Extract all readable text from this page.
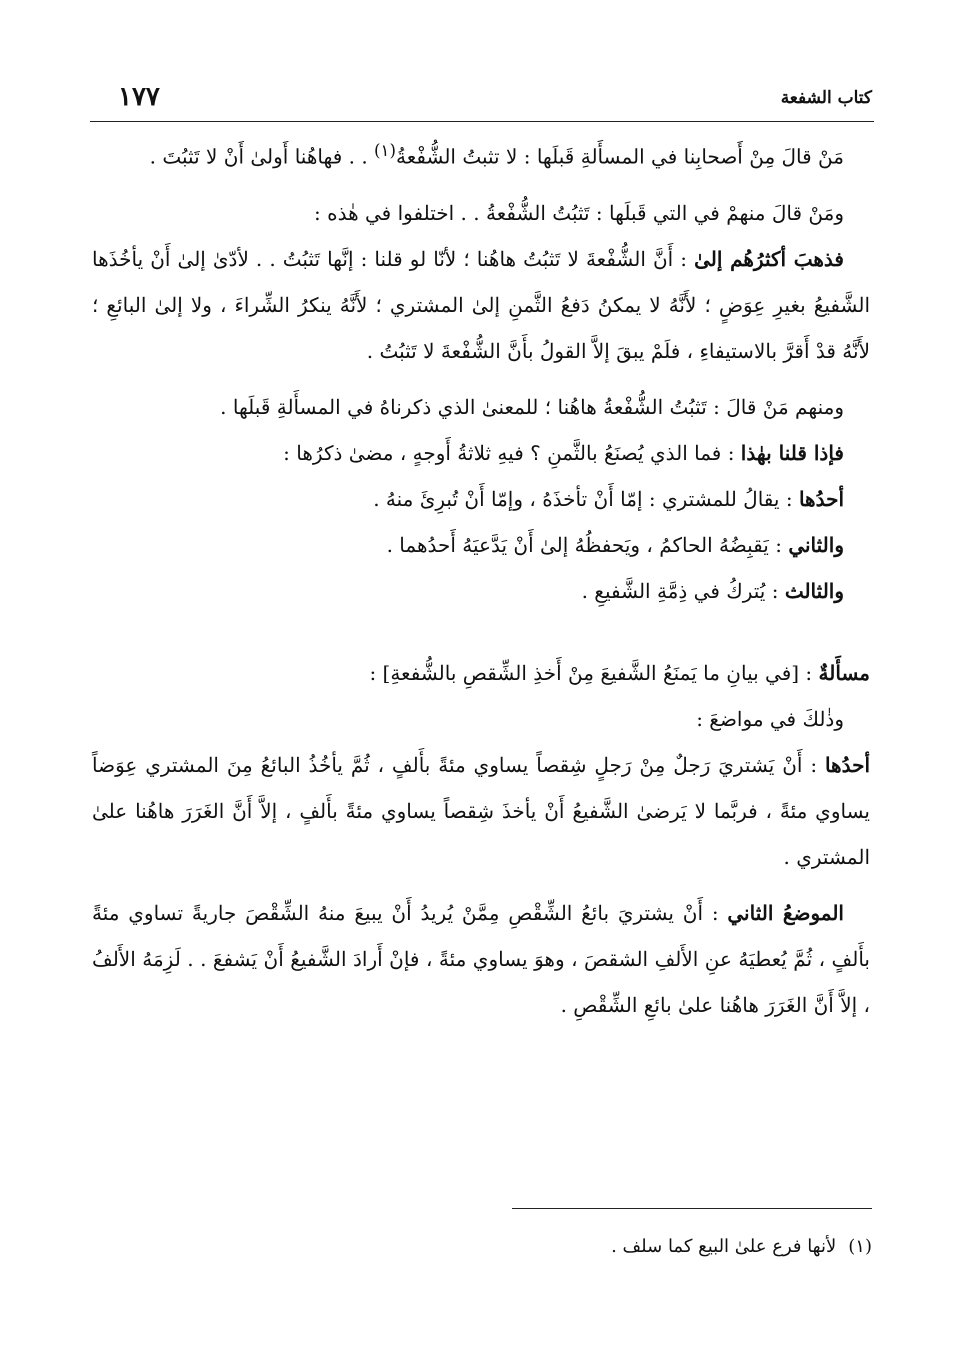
كتاب الشفعة
١٧٧

مَنْ قالَ مِنْ أَصحابِنا في المسأَلةِ قَبلَها : لا تثبتُ الشُّفْعةُ$^{(١)}$ . . فهاهُنا أَولىٰ أَنْ لا تَثبُتَ .

ومَنْ قالَ منهمْ في التي قَبلَها : تَثبُتُ الشُّفْعةُ . . اختلفوا في هٰذه :

فذهبَ أكثرُهُم إلىٰ : أَنَّ الشُّفْعةَ لا تَثبُتُ هاهُنا ؛ لأنّا لو قلنا : إنَّها تَثبُتُ . . لأدّىٰ إلىٰ أَنْ يأخُذَها الشَّفيعُ بغيرِ عِوَضٍ ؛ لأَنَّهُ لا يمكنُ دَفعُ الثَّمنِ إلىٰ المشتري ؛ لأَنَّهُ ينكرُ الشِّراءَ ، ولا إلىٰ البائعِ ؛ لأَنَّهُ قدْ أَقرَّ بالاستيفاءِ ، فلَمْ يبقَ إلاَّ القولُ بأَنَّ الشُّفْعةَ لا تَثبُتُ .

ومنهم مَنْ قالَ : تَثبُتُ الشُّفْعةُ هاهُنا ؛ للمعنىٰ الذي ذكرناهُ في المسأَلةِ قَبلَها .

فإذا قلنا بهٰذا : فما الذي يُصنَعُ بالثَّمنِ ؟ فيهِ ثلاثةُ أَوجهٍ ، مضىٰ ذكرُها :

أحدُها : يقالُ للمشتري : إمّا أَنْ تأخذَهُ ، وإمّا أَنْ تُبرِئَ منهُ .

والثاني : يَقبِضُهُ الحاكمُ ، ويَحفظُهُ إلىٰ أَنْ يَدَّعيَهُ أَحدُهما .

والثالث : يُتركُ في ذِمَّةِ الشَّفيعِ .

مسأَلةٌ : [في بيانِ ما يَمنَعُ الشَّفيعَ مِنْ أَخذِ الشِّقصِ بالشُّفعةِ] :

وذٰلكَ في مواضعَ :

أحدُها : أَنْ يَشتريَ رَجلٌ مِنْ رَجلٍ شِقصاً يساوي مئةً بأَلفٍ ، ثُمَّ يأخُذُ البائعُ مِنَ المشتري عِوَضاً يساوي مئةً ، فربَّما لا يَرضىٰ الشَّفيعُ أَنْ يأخذَ شِقصاً يساوي مئةً بأَلفٍ ، إلاَّ أَنَّ الغَرَرَ هاهُنا علىٰ المشتري .

الموضعُ الثاني : أَنْ يشتريَ بائعُ الشِّقْصِ مِمَّنْ يُريدُ أَنْ يبيعَ منهُ الشِّقْصَ جاريةً تساوي مئةً بأَلفٍ ، ثُمَّ يُعطيَهُ عنِ الأَلفِ الشقصَ ، وهوَ يساوي مئةً ، فإنْ أَرادَ الشَّفيعُ أَنْ يَشفعَ . . لَزِمَهُ الأَلفُ ، إلاَّ أَنَّ الغَرَرَ هاهُنا علىٰ بائعِ الشِّقْصِ .

(١)لأنها فرع علىٰ البيع كما سلف .
